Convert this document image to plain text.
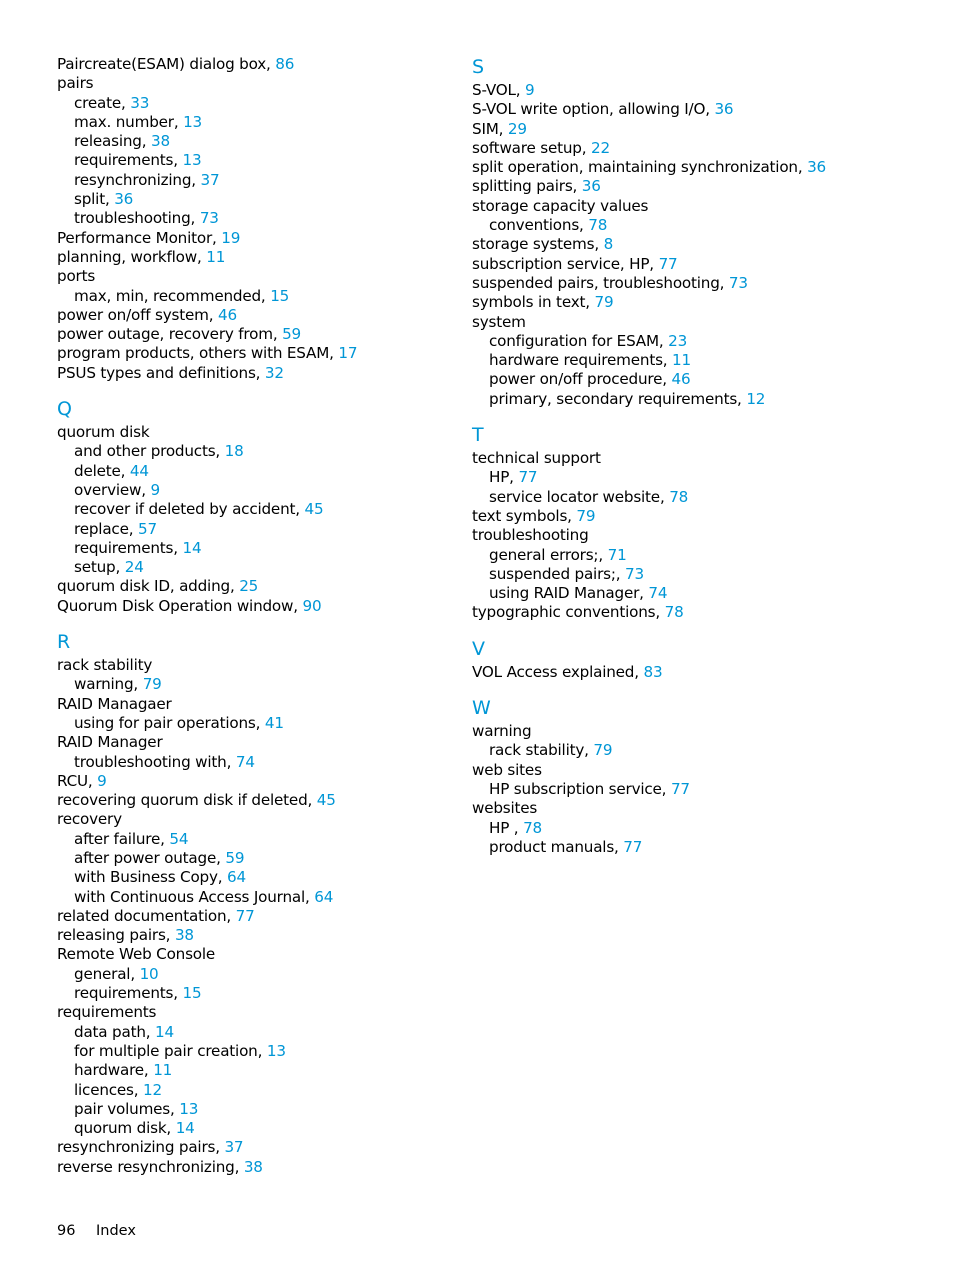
Paircreate(ESAM) dialog box, 86
pairs
create, 33
max. number, 13
releasing, 38
requirements, 13
resynchronizing, 37
split, 36
troubleshooting, 73
Performance Monitor, 19
planning, workflow, 11
ports
max, min, recommended, 15
power on/off system, 46
power outage, recovery from, 59
program products, others with ESAM, 17
PSUS types and definitions, 32
Q
quorum disk
and other products, 18
delete, 44
overview, 9
recover if deleted by accident, 45
replace, 57
requirements, 14
setup, 24
quorum disk ID, adding, 25
Quorum Disk Operation window, 90
R
rack stability
warning, 79
RAID Managaer
using for pair operations, 41
RAID Manager
troubleshooting with, 74
RCU, 9
recovering quorum disk if deleted, 45
recovery
after failure, 54
after power outage, 59
with Business Copy, 64
with Continuous Access Journal, 64
related documentation, 77
releasing pairs, 38
Remote Web Console
general, 10
requirements, 15
requirements
data path, 14
for multiple pair creation, 13
hardware, 11
licences, 12
pair volumes, 13
quorum disk, 14
resynchronizing pairs, 37
reverse resynchronizing, 38
S
S-VOL, 9
S-VOL write option, allowing I/O, 36
SIM, 29
software setup, 22
split operation, maintaining synchronization, 36
splitting pairs, 36
storage capacity values
conventions, 78
storage systems, 8
subscription service, HP, 77
suspended pairs, troubleshooting, 73
symbols in text, 79
system
configuration for ESAM, 23
hardware requirements, 11
power on/off procedure, 46
primary, secondary requirements, 12
T
technical support
HP, 77
service locator website, 78
text symbols, 79
troubleshooting
general errors;, 71
suspended pairs;, 73
using RAID Manager, 74
typographic conventions, 78
V
VOL Access explained, 83
W
warning
rack stability, 79
web sites
HP subscription service, 77
websites
HP , 78
product manuals, 77
96 Index
